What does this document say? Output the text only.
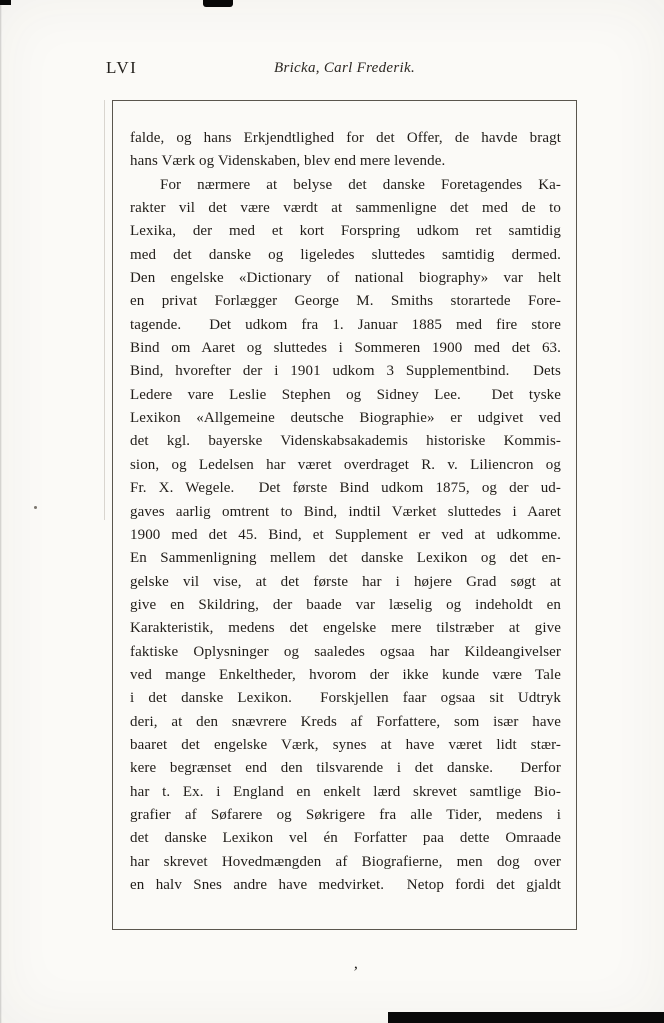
LVI	Bricka, Carl Frederik.
falde, og hans Erkjendtlighed for det Offer, de havde bragt
hans Værk og Videnskaben, blev end mere levende.
For nærmere at belyse det danske Foretagendes Ka-
rakter vil det være værdt at sammenligne det med de to
Lexika, der med et kort Forspring udkom ret samtidig
med det danske og ligeledes sluttedes samtidig dermed.
Den engelske «Dictionary of national biography» var helt
en privat Forlægger George M. Smiths storartede Fore-
tagende.  Det udkom fra 1. Januar 1885 med fire store
Bind om Aaret og sluttedes i Sommeren 1900 med det 63.
Bind, hvorefter der i 1901 udkom 3 Supplementbind.  Dets
Ledere vare Leslie Stephen og Sidney Lee.  Det tyske
Lexikon «Allgemeine deutsche Biographie» er udgivet ved
det kgl. bayerske Videnskabsakademis historiske Kommis-
sion, og Ledelsen har været overdraget R. v. Liliencron og
Fr. X. Wegele.  Det første Bind udkom 1875, og der ud-
gaves aarlig omtrent to Bind, indtil Værket sluttedes i Aaret
1900 med det 45. Bind, et Supplement er ved at udkomme.
En Sammenligning mellem det danske Lexikon og det en-
gelske vil vise, at det første har i højere Grad søgt at
give en Skildring, der baade var læselig og indeholdt en
Karakteristik, medens det engelske mere tilstræber at give
faktiske Oplysninger og saaledes ogsaa har Kildeangivelser
ved mange Enkeltheder, hvorom der ikke kunde være Tale
i det danske Lexikon.  Forskjellen faar ogsaa sit Udtryk
deri, at den snævrere Kreds af Forfattere, som især have
baaret det engelske Værk, synes at have været lidt stær-
kere begrænset end den tilsvarende i det danske.  Derfor
har t. Ex. i England en enkelt lærd skrevet samtlige Bio-
grafier af Søfarere og Søkrigere fra alle Tider, medens i
det danske Lexikon vel én Forfatter paa dette Omraade
har skrevet Hovedmængden af Biografierne, men dog over
en halv Snes andre have medvirket.  Netop fordi det gjaldt
’
